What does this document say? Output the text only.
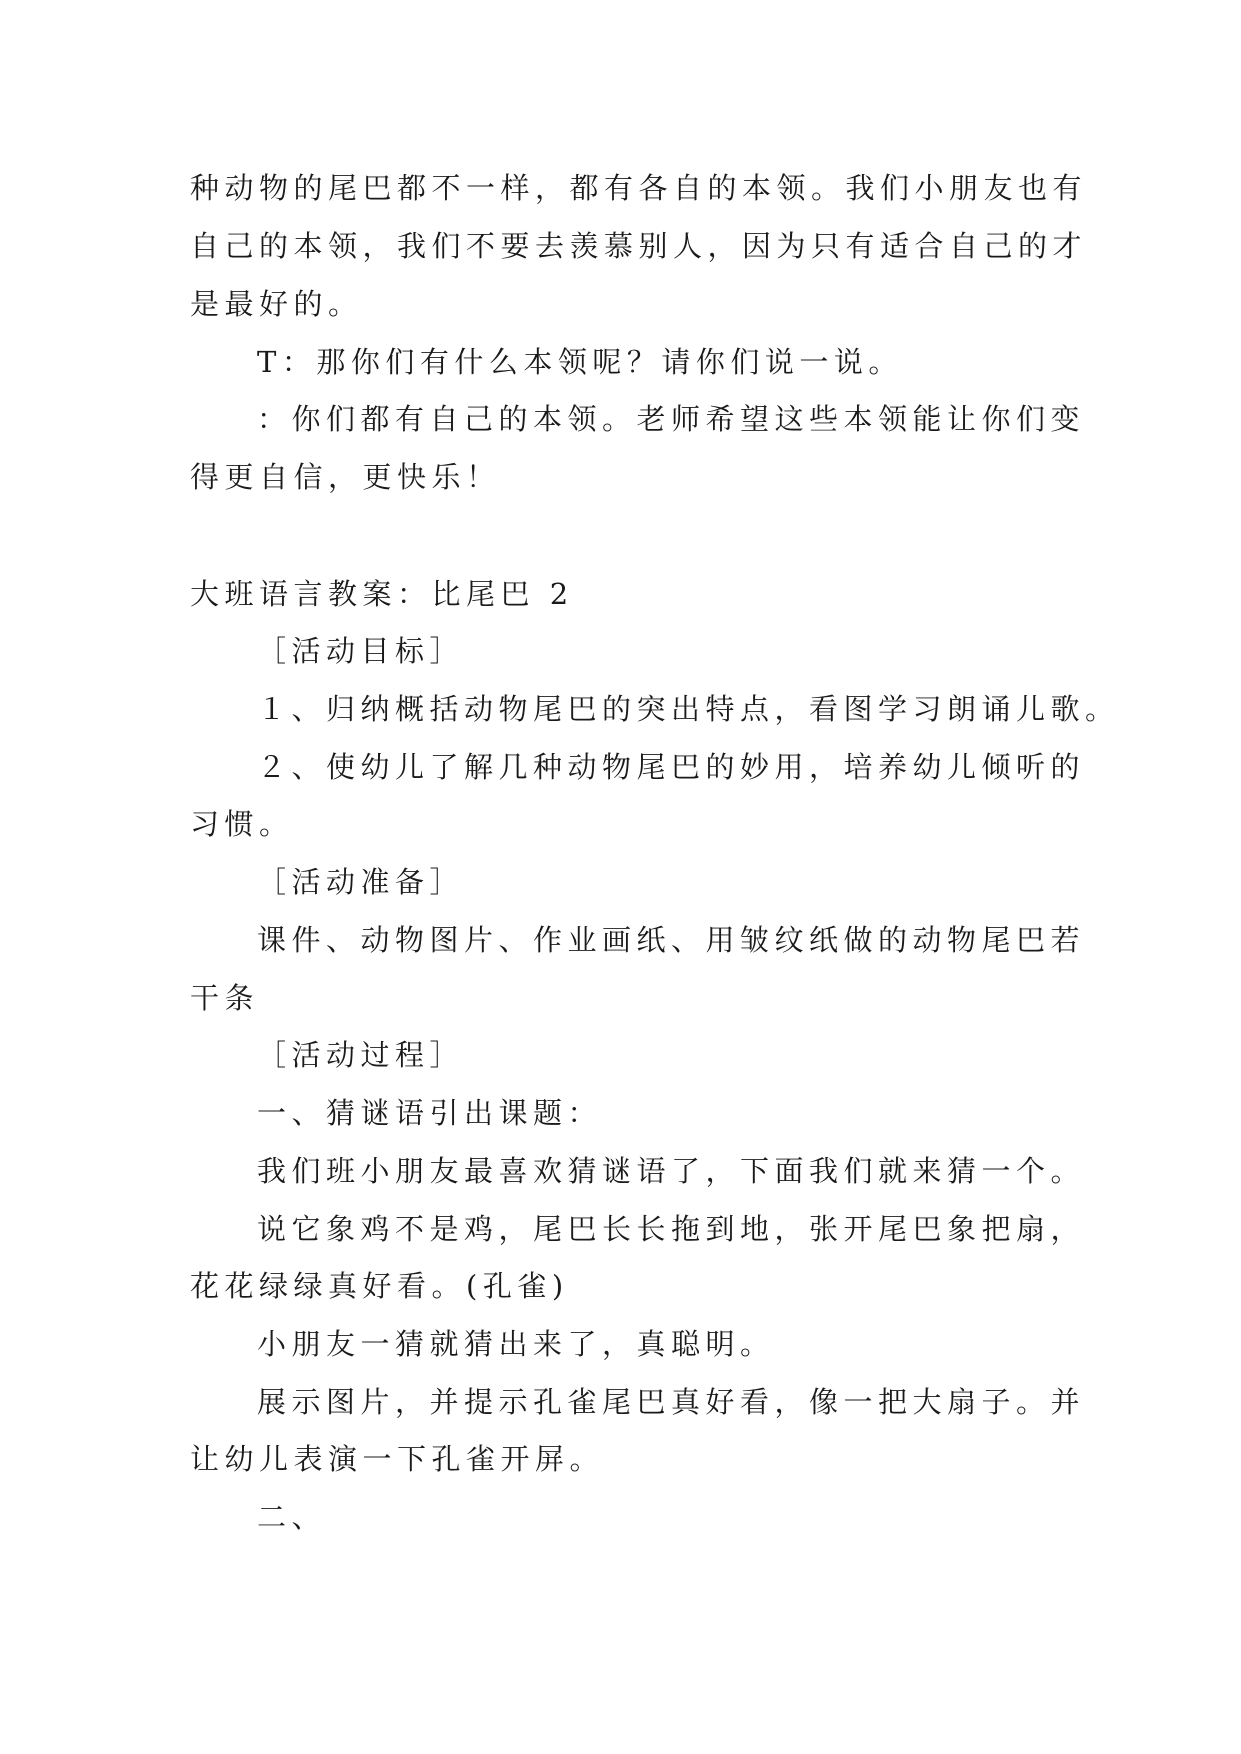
种动物的尾巴都不一样，都有各自的本领。我们小朋友也有
自己的本领，我们不要去羡慕别人，因为只有适合自己的才
是最好的。
T：那你们有什么本领呢？请你们说一说。
：你们都有自己的本领。老师希望这些本领能让你们变
得更自信，更快乐！
大班语言教案：比尾巴 2
［活动目标］
１、归纳概括动物尾巴的突出特点，看图学习朗诵儿歌。
２、使幼儿了解几种动物尾巴的妙用，培养幼儿倾听的
习惯。
［活动准备］
课件、动物图片、作业画纸、用皱纹纸做的动物尾巴若
干条
［活动过程］
一、猜谜语引出课题：
我们班小朋友最喜欢猜谜语了，下面我们就来猜一个。
说它象鸡不是鸡，尾巴长长拖到地，张开尾巴象把扇，
花花绿绿真好看。(孔雀)
小朋友一猜就猜出来了，真聪明。
展示图片，并提示孔雀尾巴真好看，像一把大扇子。并
让幼儿表演一下孔雀开屏。
二、
